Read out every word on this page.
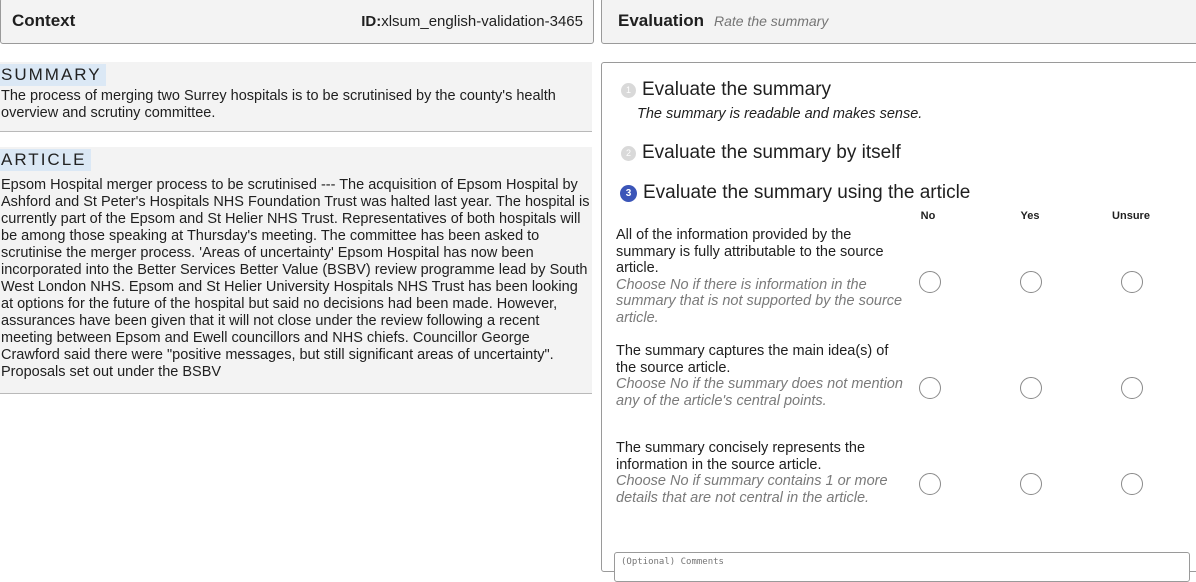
Context	ID:xlsum_english-validation-3465 Evaluation Rate the summary
The process of merging two Surrey hospitals is to be scrutinised by the county's health overview and scrutiny committee.
SUMMARY
Epsom Hospital merger process to be scrutinised --- The acquisition of Epsom Hospital by Ashford and St Peter's Hospitals NHS Foundation Trust was halted last year. The hospital is currently part of the Epsom and St Helier NHS Trust. Representatives of both hospitals will be among those speaking at Thursday's meeting. The committee has been asked to scrutinise the merger process. 'Areas of uncertainty' Epsom Hospital has now been incorporated into the Better Services Better Value (BSBV) review programme lead by South West London NHS. Epsom and St Helier University Hospitals NHS Trust has been looking at options for the future of the hospital but said no decisions had been made. However, assurances have been given that it will not close under the review following a recent meeting between Epsom and Ewell councillors and NHS chiefs. Councillor George Crawford said there were "positive messages, but still significant areas of uncertainty". Proposals set out under the BSBV
ARTICLE
1 Evaluate the summary
The summary is readable and makes sense.
2 Evaluate the summary by itself
3 Evaluate the summary using the article
No	Yes	Unsure
All of the information provided by the summary is fully attributable to the source article.
Choose No if there is information in the summary that is not supported by the source article.
The summary captures the main idea(s) of the source article.
Choose No if the summary does not mention any of the article's central points.
The summary concisely represents the information in the source article.
Choose No if summary contains 1 or more details that are not central in the article.
(Optional) Comments
